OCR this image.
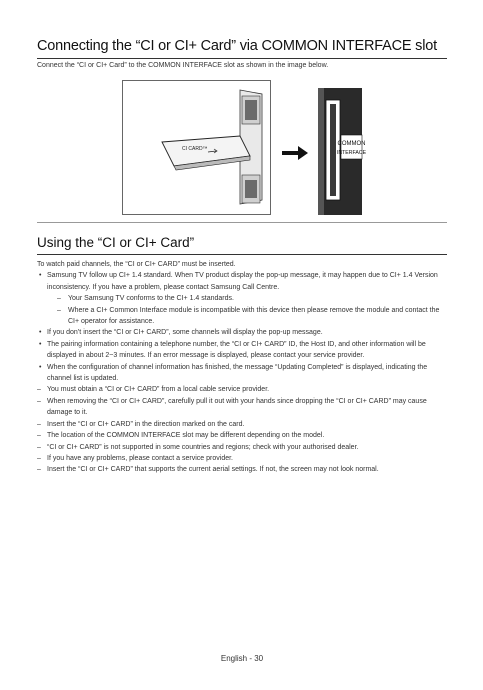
Connecting the “CI or CI+ Card” via COMMON INTERFACE slot
Connect the “CI or CI+ Card” to the COMMON INTERFACE slot as shown in the image below.
CI CARD™
COMMON
INTERFACE
Using the “CI or CI+ Card”

To watch paid channels, the “CI or CI+ CARD” must be inserted.

• Samsung TV follow up CI+ 1.4 standard. When TV product display the pop-up message, it may happen due to CI+ 1.4 Version inconsistency. If you have a problem, please contact Samsung Call Centre.

– Your Samsung TV conforms to the CI+ 1.4 standards.

– Where a CI+ Common Interface module is incompatible with this device then please remove the module and contact the CI+ operator for assistance.

• If you don’t insert the “CI or CI+ CARD”, some channels will display the pop-up message.

• The pairing information containing a telephone number, the “CI or CI+ CARD” ID, the Host ID, and other information will be displayed in about 2~3 minutes. If an error message is displayed, please contact your service provider.

• When the configuration of channel information has finished, the message “Updating Completed” is displayed, indicating the channel list is updated.

– You must obtain a “CI or CI+ CARD” from a local cable service provider.

– When removing the “CI or CI+ CARD”, carefully pull it out with your hands since dropping the “CI or CI+ CARD” may cause damage to it.

– Insert the “CI or CI+ CARD” in the direction marked on the card.

– The location of the COMMON INTERFACE slot may be different depending on the model.

– “CI or CI+ CARD” is not supported in some countries and regions; check with your authorised dealer.

– If you have any problems, please contact a service provider.

– Insert the “CI or CI+ CARD” that supports the current aerial settings. If not, the screen may not look normal.

English - 30
